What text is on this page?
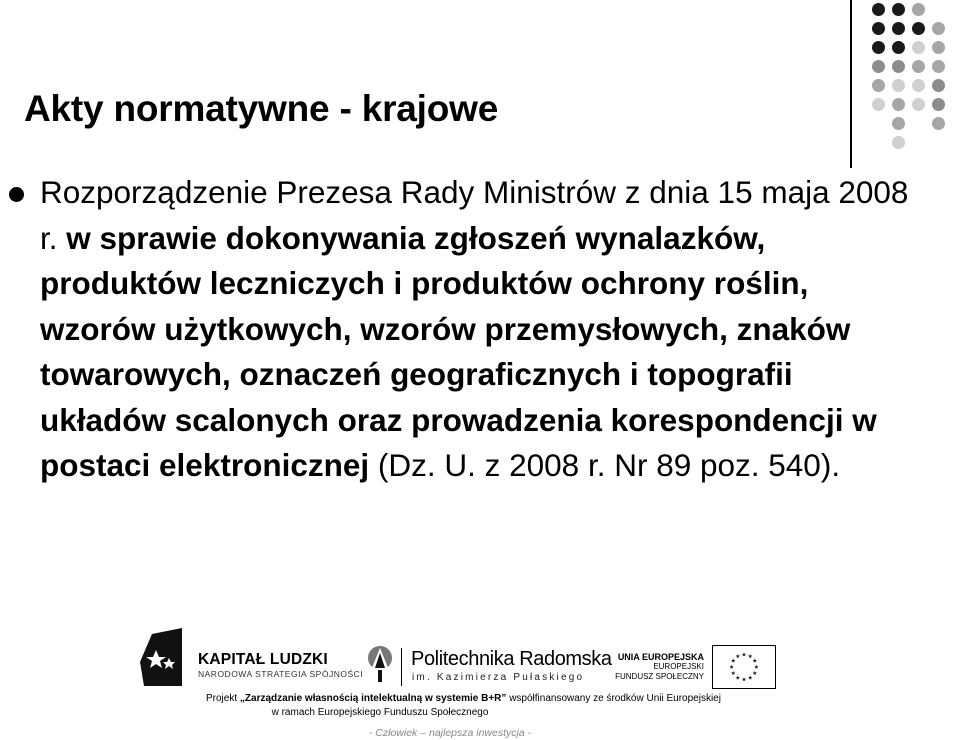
Akty normatywne - krajowe

Rozporządzenie Prezesa Rady Ministrów z dnia 15 maja 2008 r. w sprawie dokonywania zgłoszeń wynalazków, produktów leczniczych i produktów ochrony roślin, wzorów użytkowych, wzorów przemysłowych, znaków towarowych, oznaczeń geograficznych i topografii układów scalonych oraz prowadzenia korespondencji w postaci elektronicznej (Dz. U. z 2008 r. Nr 89 poz. 540).

KAPITAŁ LUDZKI
NARODOWA STRATEGIA SPÓJNOŚCI
Politechnika Radomska
im. Kazimierza Pułaskiego
UNIA EUROPEJSKA
EUROPEJSKI
FUNDUSZ SPOŁECZNY
Projekt „Zarządzanie własnością intelektualną w systemie B+R” współfinansowany ze środków Unii Europejskiej
w ramach Europejskiego Funduszu Społecznego
- Człowiek – najlepsza inwestycja -
